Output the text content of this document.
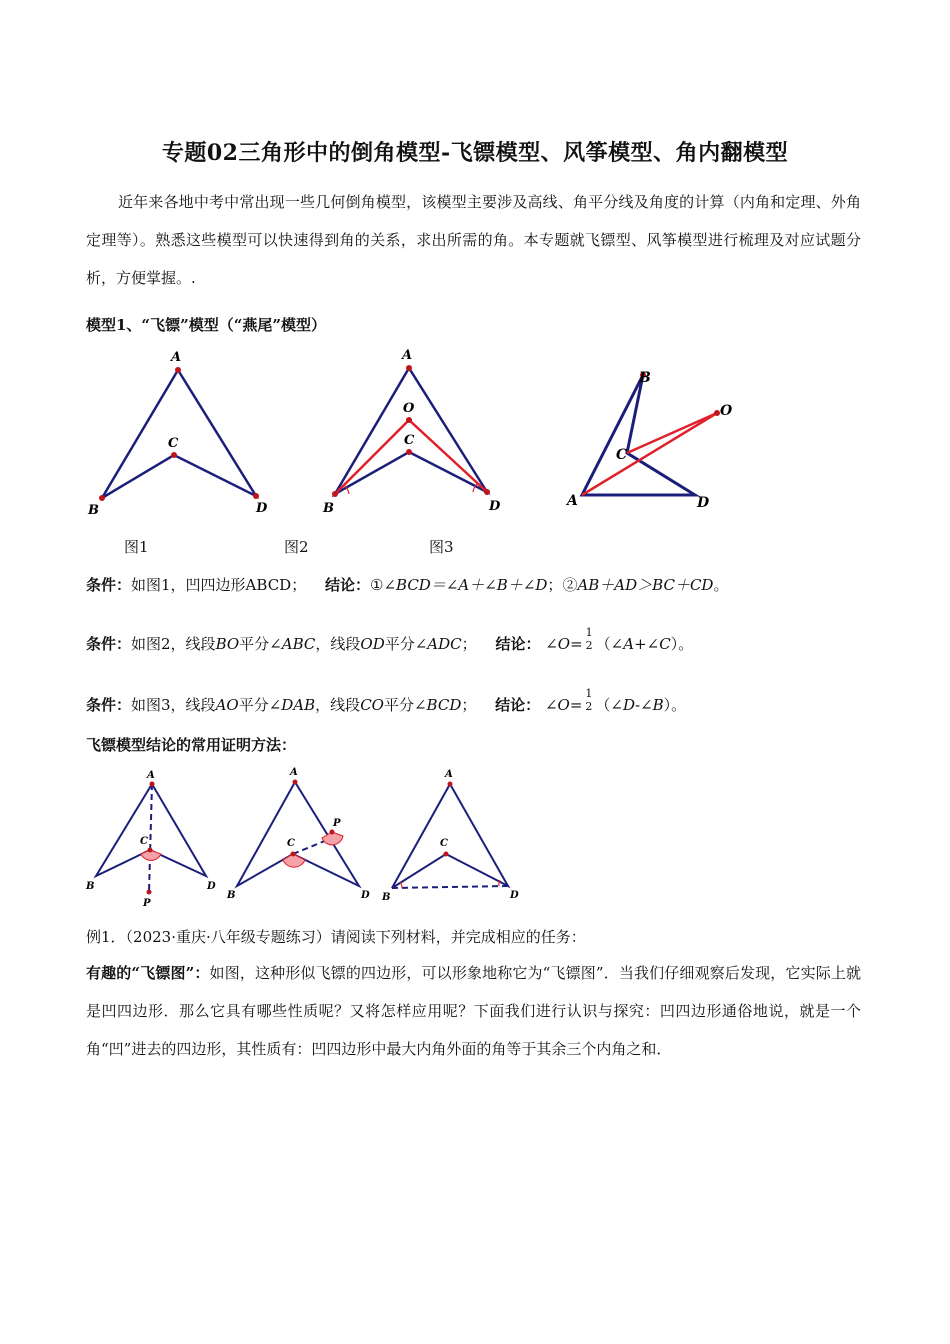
专题02三角形中的倒角模型-飞镖模型、风筝模型、角内翻模型
近年来各地中考中常出现一些几何倒角模型，该模型主要涉及高线、角平分线及角度的计算（内角和定理、外角定理等）。熟悉这些模型可以快速得到角的关系，求出所需的角。本专题就飞镖型、风筝模型进行梳理及对应试题分析，方便掌握。.
模型1、“飞镖”模型（“燕尾”模型）
A
B
C
D
A
O
C
B	D
B
O
C
A	D
图1	图2	图3
条件：如图1，凹四边形ABCD； 结论：①∠BCD＝∠A＋∠B＋∠D；②AB＋AD＞BC＋CD。
条件：如图2，线段BO平分∠ABC，线段OD平分∠ADC； 结论： ∠O=
1
2 （∠A+∠C）。
条件：如图3，线段AO平分∠DAB，线段CO平分∠BCD； 结论： ∠O=
1
2 （∠D-∠B）。
飞镖模型结论的常用证明方法：
A
C
B	D
P
A
C
P
B	D
A
C
B	D
例1．（2023·重庆·八年级专题练习）请阅读下列材料，并完成相应的任务：
有趣的“飞镖图”：如图，这种形似飞镖的四边形，可以形象地称它为“飞镖图”．当我们仔细观察后发现，它实际上就是凹四边形．那么它具有哪些性质呢？又将怎样应用呢？下面我们进行认识与探究：凹四边形通俗地说，就是一个角“凹”进去的四边形，其性质有：凹四边形中最大内角外面的角等于其余三个内角之和．
